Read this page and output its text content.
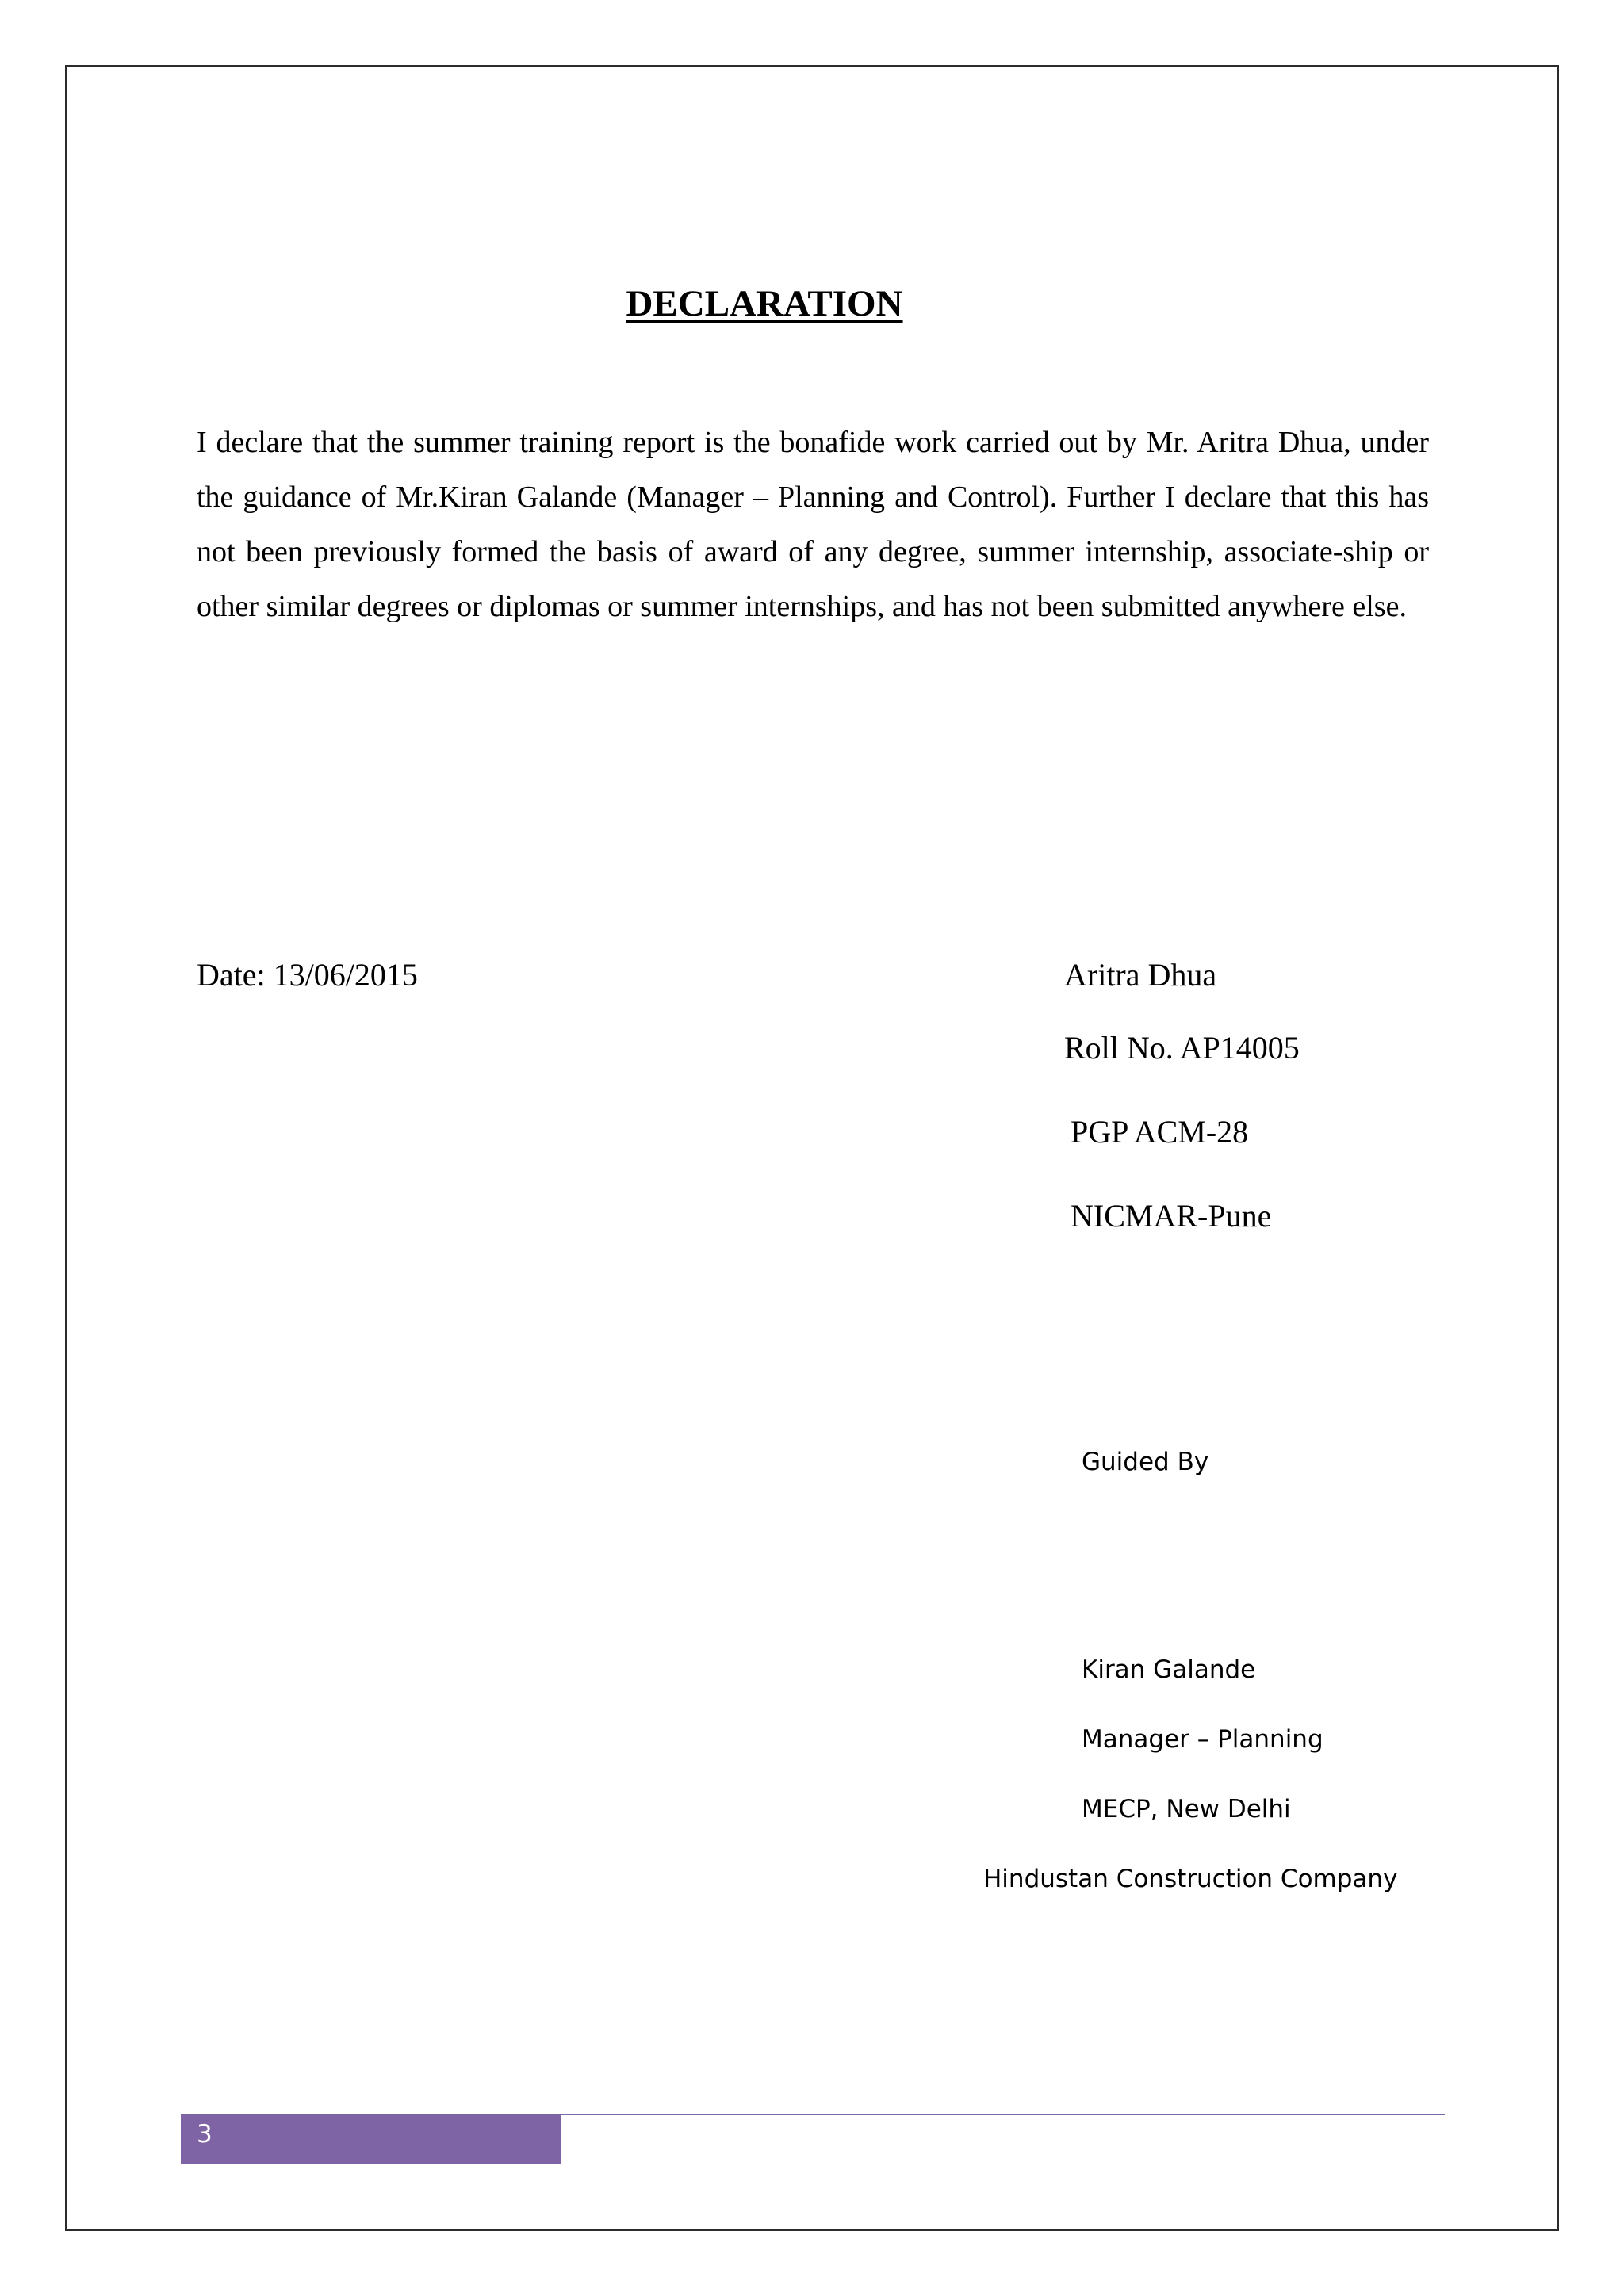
DECLARATION

I declare that the summer training report is the bonafide work carried out by Mr. Aritra Dhua, under the guidance of Mr.Kiran Galande (Manager – Planning and Control). Further I declare that this has not been previously formed the basis of award of any degree, summer internship, associate-ship or other similar degrees or diplomas or summer internships, and has not been submitted anywhere else.

Date: 13/06/2015	Aritra Dhua

Roll No. AP14005

PGP ACM-28

NICMAR-Pune

Guided By

Kiran Galande

Manager – Planning

MECP, New Delhi

Hindustan Construction Company

3
